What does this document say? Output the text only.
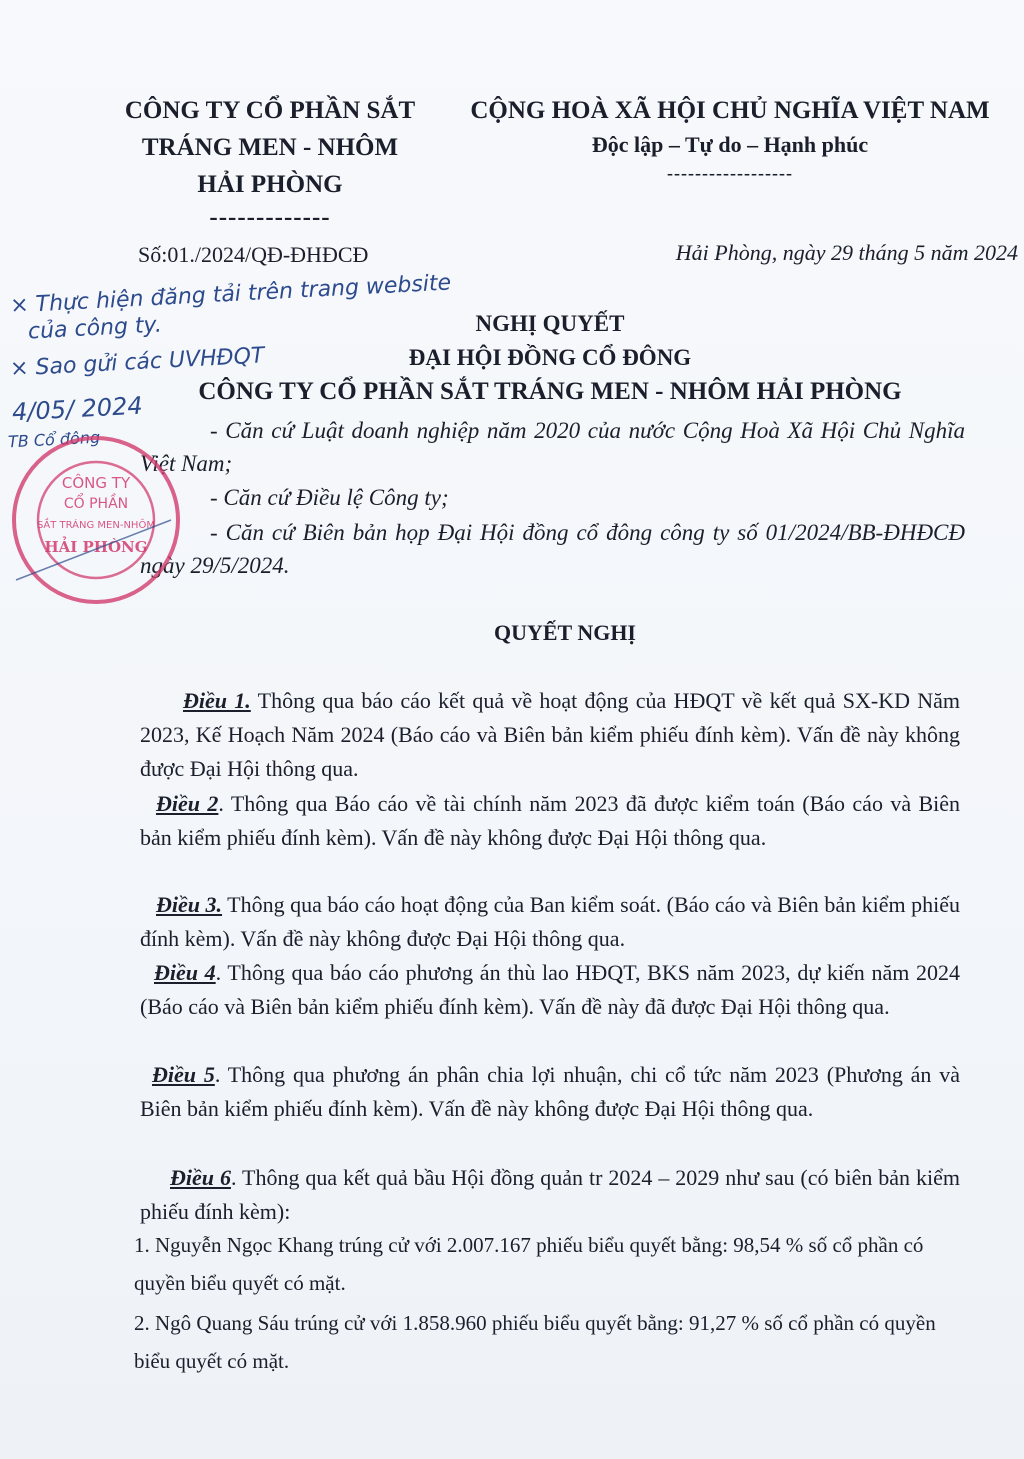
CÔNG TY CỔ PHẦN SẮT
TRÁNG MEN - NHÔM
HẢI PHÒNG
-------------
CỘNG HOÀ XÃ HỘI CHỦ NGHĨA VIỆT NAM
Độc lập – Tự do – Hạnh phúc
------------------
Số:01./2024/QĐ-ĐHĐCĐ	Hải Phòng, ngày 29 tháng 5 năm 2024
NGHỊ QUYẾT
ĐẠI HỘI ĐỒNG CỔ ĐÔNG
CÔNG TY CỔ PHẦN SẮT TRÁNG MEN - NHÔM HẢI PHÒNG
- Căn cứ Luật doanh nghiệp năm 2020 của nước Cộng Hoà Xã Hội Chủ Nghĩa Việt Nam;
- Căn cứ Điều lệ Công ty;
- Căn cứ Biên bản họp Đại Hội đồng cổ đông công ty số 01/2024/BB-ĐHĐCĐ ngày 29/5/2024.
QUYẾT NGHỊ
Điều 1. Thông qua báo cáo kết quả về hoạt động của HĐQT về kết quả SX-KD Năm 2023, Kế Hoạch Năm 2024 (Báo cáo và Biên bản kiểm phiếu đính kèm). Vấn đề này không được Đại Hội thông qua.
Điều 2. Thông qua Báo cáo về tài chính năm 2023 đã được kiểm toán (Báo cáo và Biên bản kiểm phiếu đính kèm). Vấn đề này không được Đại Hội thông qua.
Điều 3. Thông qua báo cáo hoạt động của Ban kiểm soát. (Báo cáo và Biên bản kiểm phiếu đính kèm). Vấn đề này không được Đại Hội thông qua.
Điều 4. Thông qua báo cáo phương án thù lao HĐQT, BKS năm 2023, dự kiến năm 2024 (Báo cáo và Biên bản kiểm phiếu đính kèm). Vấn đề này đã được Đại Hội thông qua.
Điều 5. Thông qua phương án phân chia lợi nhuận, chi cổ tức năm 2023 (Phương án và Biên bản kiểm phiếu đính kèm). Vấn đề này không được Đại Hội thông qua.
Điều 6. Thông qua kết quả bầu Hội đồng quản tr 2024 – 2029 như sau (có biên bản kiểm phiếu đính kèm):
1. Nguyễn Ngọc Khang trúng cử với 2.007.167 phiếu biểu quyết bằng: 98,54 % số cổ phần có quyền biểu quyết có mặt.
2. Ngô Quang Sáu trúng cử với 1.858.960 phiếu biểu quyết bằng: 91,27 % số cổ phần có quyền biểu quyết có mặt.
× Thực hiện đăng tải trên trang website
của công ty.
× Sao gửi các UVHĐQT
4/05/ 2024
TB Cổ đông
CÔNG TY
CỔ PHẦN
SẮT TRÁNG MEN-NHÔM
HẢI PHÒNG
